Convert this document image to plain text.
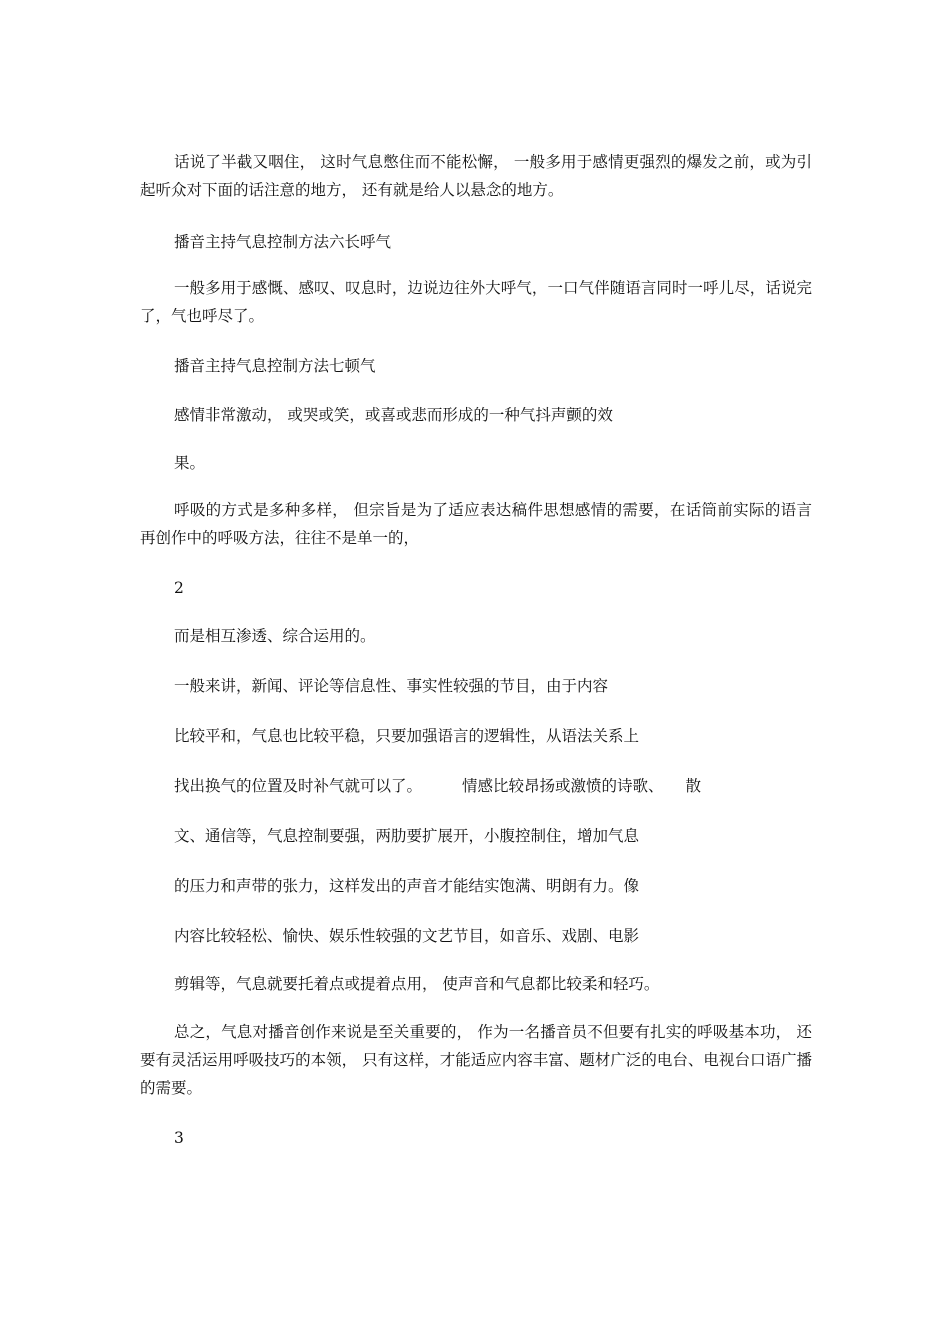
话说了半截又咽住， 这时气息憋住而不能松懈， 一般多用于感情更强烈的爆发之前，或为引起听众对下面的话注意的地方， 还有就是给人以悬念的地方。
播音主持气息控制方法六长呼气
一般多用于感慨、感叹、叹息时，边说边往外大呼气，一口气伴随语言同时一呼儿尽，话说完了，气也呼尽了。
播音主持气息控制方法七顿气
感情非常激动， 或哭或笑，或喜或悲而形成的一种气抖声颤的效
果。
呼吸的方式是多种多样， 但宗旨是为了适应表达稿件思想感情的需要，在话筒前实际的语言再创作中的呼吸方法，往往不是单一的，
2
而是相互渗透、综合运用的。
一般来讲，新闻、评论等信息性、事实性较强的节目，由于内容
比较平和，气息也比较平稳，只要加强语言的逻辑性，从语法关系上
找出换气的位置及时补气就可以了。	情感比较昂扬或激愤的诗歌、 散
文、通信等，气息控制要强，两肋要扩展开，小腹控制住，增加气息
的压力和声带的张力，这样发出的声音才能结实饱满、明朗有力。像
内容比较轻松、愉快、娱乐性较强的文艺节目，如音乐、戏剧、电影
剪辑等，气息就要托着点或提着点用， 使声音和气息都比较柔和轻巧。
总之，气息对播音创作来说是至关重要的， 作为一名播音员不但要有扎实的呼吸基本功， 还要有灵活运用呼吸技巧的本领， 只有这样，才能适应内容丰富、题材广泛的电台、电视台口语广播的需要。
3
